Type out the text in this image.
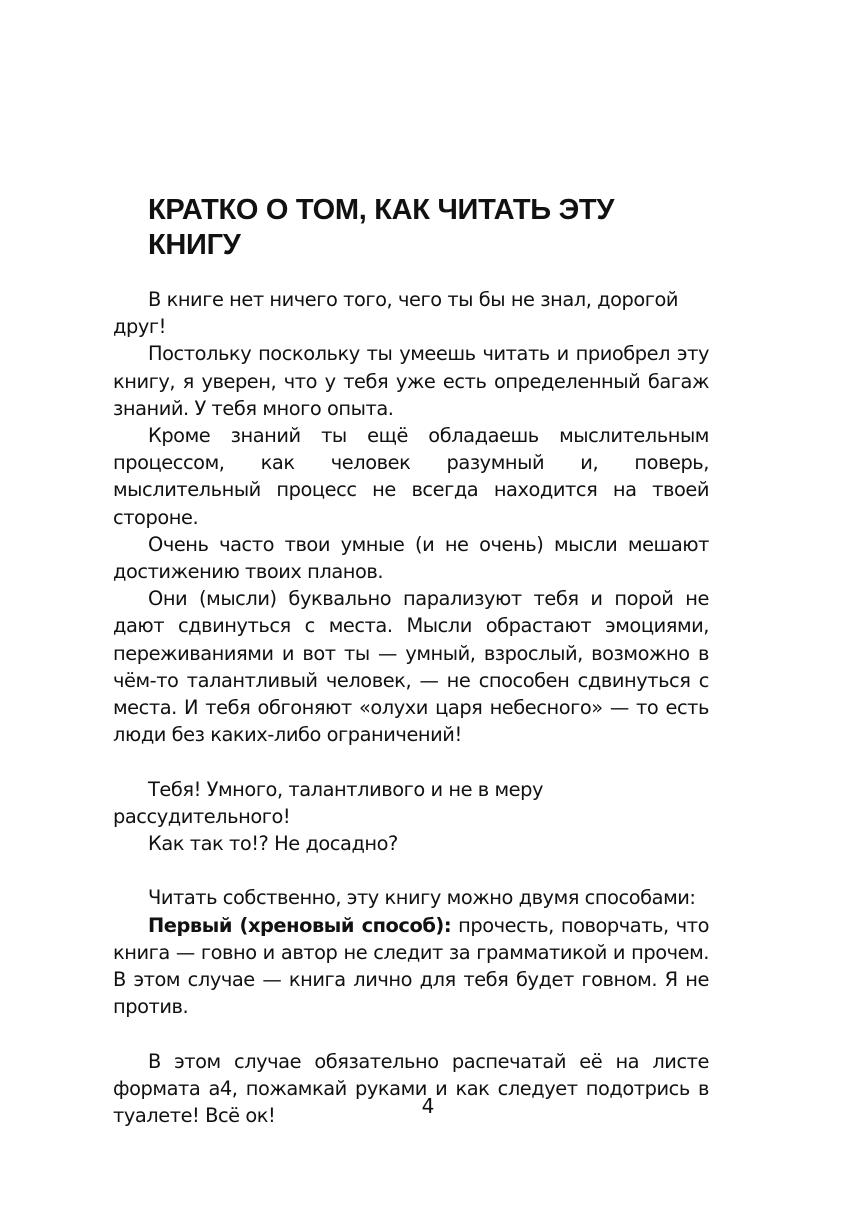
КРАТКО О ТОМ, КАК ЧИТАТЬ ЭТУ
КНИГУ

В книге нет ничего того, чего ты бы не знал, дорогой друг!

Постольку поскольку ты умеешь читать и приобрел эту книгу, я уверен, что у тебя уже есть определенный багаж знаний. У тебя много опыта.

Кроме знаний ты ещё обладаешь мыслительным процессом, как человек разумный и, поверь, мыслительный процесс не всегда находится на твоей стороне.

Очень часто твои умные (и не очень) мысли мешают достижению твоих планов.

Они (мысли) буквально парализуют тебя и порой не дают сдвинуться с места. Мысли обрастают эмоциями, переживаниями и вот ты — умный, взрослый, возможно в чём-то талантливый человек, — не способен сдвинуться с места. И тебя обгоняют «олухи царя небесного» — то есть люди без каких-либо ограничений!

Тебя! Умного, талантливого и не в меру рассудительного!

Как так то!? Не досадно?

Читать собственно, эту книгу можно двумя способами:

Первый (хреновый способ): прочесть, поворчать, что книга — говно и автор не следит за грамматикой и прочем. В этом случае — книга лично для тебя будет говном. Я не против.

В этом случае обязательно распечатай её на листе формата а4, пожамкай руками и как следует подотрись в туалете! Всё ок!	4
